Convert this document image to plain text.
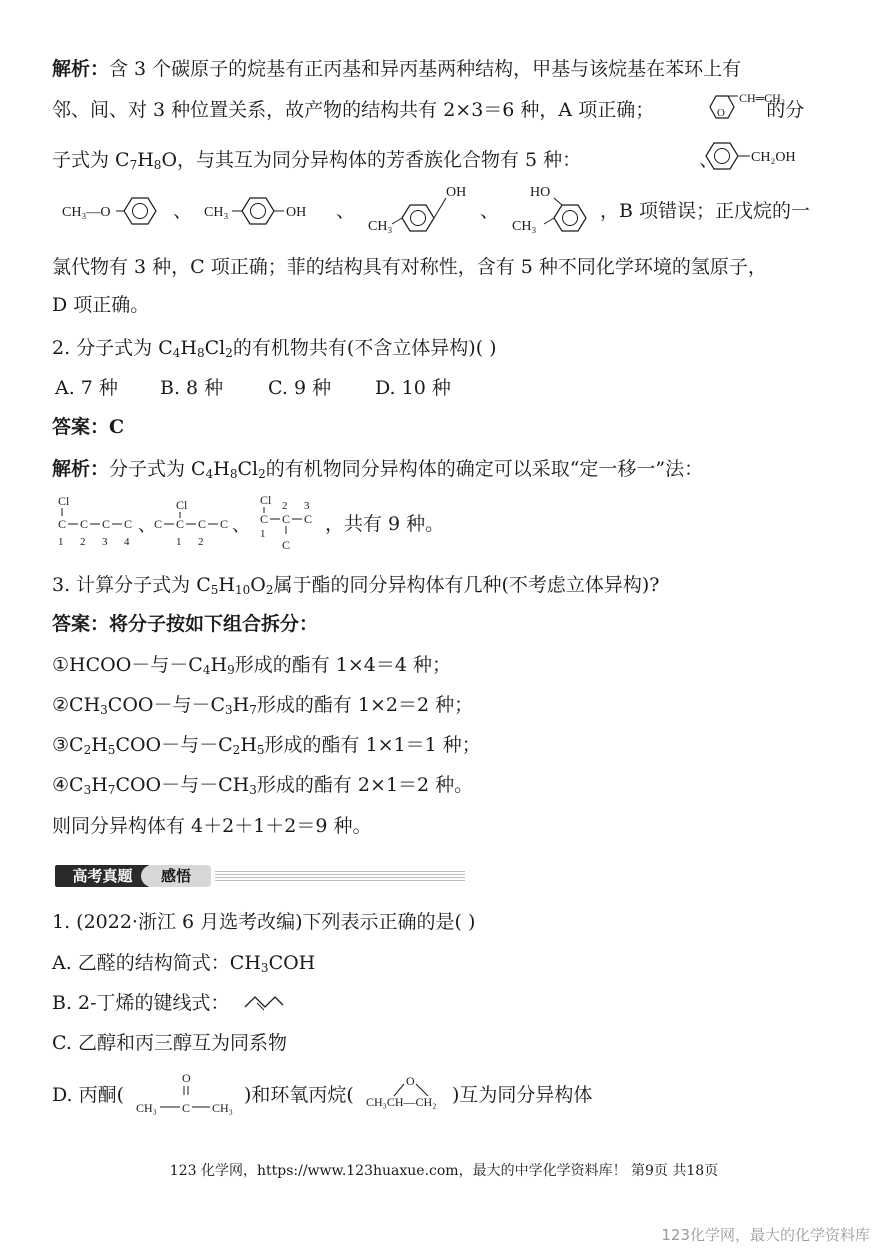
解析：含 3 个碳原子的烷基有正丙基和异丙基两种结构，甲基与该烷基在苯环上有
邻、间、对 3 种位置关系，故产物的结构共有 2×3＝6 种，A 项正确；	的分
O
CH═CH₂
子式为 $C_7H_8O$，与其互为同分异构体的芳香族化合物有 5 种：	、 CH₂OH
CH₃—O	、 CH₃	OH 、
OH
CH₃
、
HO
CH₃
，B 项错误；正戊烷的一
氯代物有 3 种，C 项正确；菲的结构具有对称性，含有 5 种不同化学环境的氢原子，
D 项正确。
2. 分子式为 $C_4H_8Cl_2$的有机物共有(不含立体异构)( )
A. 7 种 B. 8 种 C. 9 种 D. 10 种
答案：C
解析：分子式为 $C_4H_8Cl_2$的有机物同分异构体的确定可以采取“定一移一”法：
Cl
C C C C
1 2 3 4
、
Cl
C C C C
1 2
、
Cl
C C C
2 3
1
C
，共有 9 种。
3. 计算分子式为 $C_5H_{10}O_2$属于酯的同分异构体有几种(不考虑立体异构)?
答案：将分子按如下组合拆分：
①HCOO－与$-C_4H_9$形成的酯有 1×4＝4 种；
$②CH_3COO-$与$-C_3H_7$形成的酯有 1×2＝2 种；
$③C_2H_5COO-$与$-C_2H_5$形成的酯有 1×1＝1 种；
$④C_3H_7COO-$与$-CH_3$形成的酯有 2×1＝2 种。
则同分异构体有 4＋2＋1＋2＝9 种。
高考真题	感悟
1. (2022·浙江 6 月选考改编)下列表示正确的是( )
A. 乙醛的结构简式：$CH_3COH$
B. 2-丁烯的键线式：
C. 乙醇和丙三醇互为同系物
D. 丙酮(
O
CH₃ C CH₃
)和环氧丙烷(
O
CH₃CH—CH₂ )互为同分异构体
123 化学网，https://www.123huaxue.com，最大的中学化学资料库！ 第9页 共18页
123化学网，最大的化学资料库
